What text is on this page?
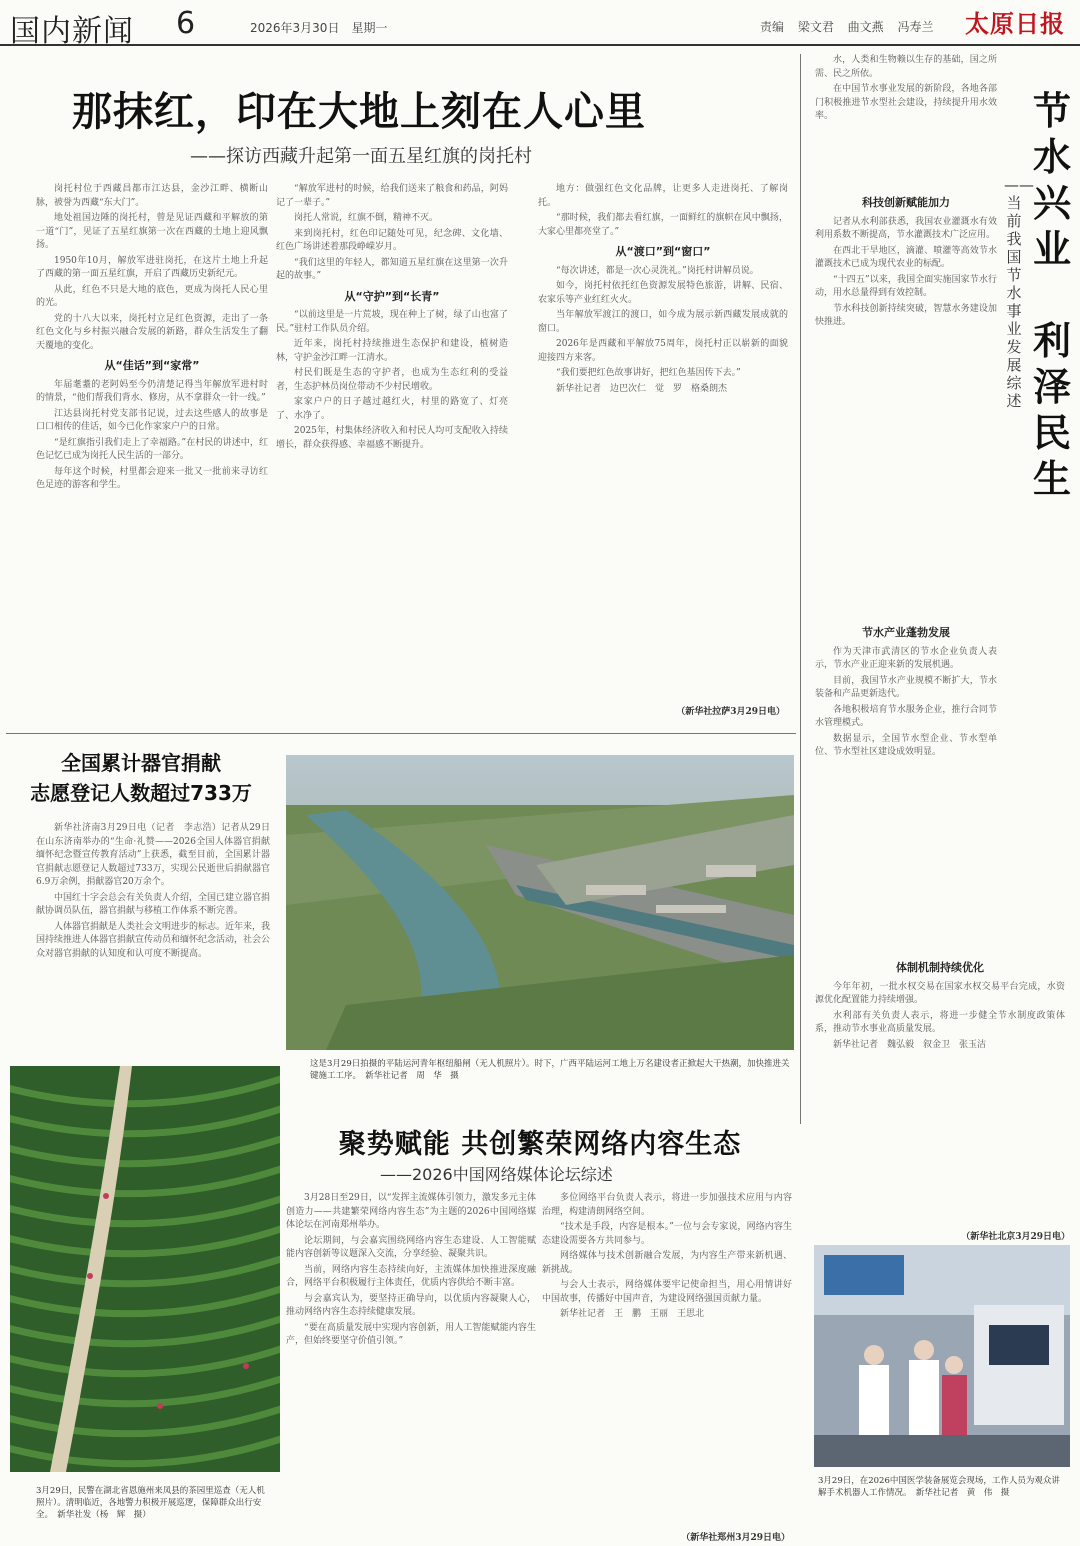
国内新闻 6	2026年3月30日　星期一	责编 梁文君 曲文燕 冯寿兰 太原日报
那抹红，印在大地上刻在人心里
——探访西藏升起第一面五星红旗的岗托村

岗托村位于西藏昌都市江达县，金沙江畔、横断山脉，被誉为西藏“东大门”。

地处祖国边陲的岗托村，曾是见证西藏和平解放的第一道“门”，见证了五星红旗第一次在西藏的土地上迎风飘扬。

1950年10月，解放军进驻岗托，在这片土地上升起了西藏的第一面五星红旗，开启了西藏历史新纪元。

从此，红色不只是大地的底色，更成为岗托人民心里的光。

党的十八大以来，岗托村立足红色资源，走出了一条红色文化与乡村振兴融合发展的新路，群众生活发生了翻天覆地的变化。

从“佳话”到“家常”

年届耄耋的老阿妈至今仍清楚记得当年解放军进村时的情景，“他们帮我们背水、修房，从不拿群众一针一线。”

江达县岗托村党支部书记说，过去这些感人的故事是口口相传的佳话，如今已化作家家户户的日常。

“是红旗指引我们走上了幸福路。”在村民的讲述中，红色记忆已成为岗托人民生活的一部分。

每年这个时候，村里都会迎来一批又一批前来寻访红色足迹的游客和学生。

“解放军进村的时候，给我们送来了粮食和药品，阿妈记了一辈子。”

岗托人常说，红旗不倒，精神不灭。

来到岗托村，红色印记随处可见，纪念碑、文化墙、红色广场讲述着那段峥嵘岁月。

“我们这里的年轻人，都知道五星红旗在这里第一次升起的故事。”

从“守护”到“长青”

“以前这里是一片荒坡，现在种上了树，绿了山也富了民。”驻村工作队员介绍。

近年来，岗托村持续推进生态保护和建设，植树造林，守护金沙江畔一江清水。

村民们既是生态的守护者，也成为生态红利的受益者，生态护林员岗位带动不少村民增收。

家家户户的日子越过越红火，村里的路宽了、灯亮了、水净了。

2025年，村集体经济收入和村民人均可支配收入持续增长，群众获得感、幸福感不断提升。

地方：做强红色文化品牌，让更多人走进岗托、了解岗托。

“那时候，我们都去看红旗，一面鲜红的旗帜在风中飘扬，大家心里都亮堂了。”

从“渡口”到“窗口”

“每次讲述，都是一次心灵洗礼。”岗托村讲解员说。

如今，岗托村依托红色资源发展特色旅游，讲解、民宿、农家乐等产业红红火火。

当年解放军渡江的渡口，如今成为展示新西藏发展成就的窗口。

2026年是西藏和平解放75周年，岗托村正以崭新的面貌迎接四方来客。

“我们要把红色故事讲好，把红色基因传下去。”

新华社记者　边巴次仁　觉　罗　格桑朗杰

（新华社拉萨3月29日电）
节
水
兴
业

利
泽
民
生
——
当
前
我
国
节
水
事
业
发
展
综
述

水，人类和生物赖以生存的基础，国之所需、民之所依。

在中国节水事业发展的新阶段，各地各部门积极推进节水型社会建设，持续提升用水效率。

科技创新赋能加力

记者从水利部获悉，我国农业灌溉水有效利用系数不断提高，节水灌溉技术广泛应用。

在西北干旱地区，滴灌、喷灌等高效节水灌溉技术已成为现代农业的标配。

“十四五”以来，我国全面实施国家节水行动，用水总量得到有效控制。

节水科技创新持续突破，智慧水务建设加快推进。

节水产业蓬勃发展

作为天津市武清区的节水企业负责人表示，节水产业正迎来新的发展机遇。

目前，我国节水产业规模不断扩大，节水装备和产品更新迭代。

各地积极培育节水服务企业，推行合同节水管理模式。

数据显示，全国节水型企业、节水型单位、节水型社区建设成效明显。

体制机制持续优化

今年年初，一批水权交易在国家水权交易平台完成，水资源优化配置能力持续增强。

水利部有关负责人表示，将进一步健全节水制度政策体系，推动节水事业高质量发展。

新华社记者　魏弘毅　叙金卫　张玉洁

（新华社北京3月29日电）
全国累计器官捐献
志愿登记人数超过733万

新华社济南3月29日电（记者　李志浩）记者从29日在山东济南举办的“生命·礼赞——2026全国人体器官捐献缅怀纪念暨宣传教育活动”上获悉，截至目前，全国累计器官捐献志愿登记人数超过733万，实现公民逝世后捐献器官6.9万余例，捐献器官20万余个。

中国红十字会总会有关负责人介绍，全国已建立器官捐献协调员队伍，器官捐献与移植工作体系不断完善。

人体器官捐献是人类社会文明进步的标志。近年来，我国持续推进人体器官捐献宣传动员和缅怀纪念活动，社会公众对器官捐献的认知度和认可度不断提高。

这是3月29日拍摄的平陆运河青年枢纽船闸（无人机照片）。时下，广西平陆运河工地上万名建设者正掀起大干热潮，加快推进关键施工工序。　新华社记者　周　华　摄
3月29日，民警在湖北省恩施州来凤县的茶园里巡查（无人机照片）。清明临近，各地警力积极开展巡逻，保障群众出行安全。　新华社发（杨　辉　摄）
聚势赋能 共创繁荣网络内容生态
——2026中国网络媒体论坛综述

3月28日至29日，以“发挥主流媒体引领力，激发多元主体创造力——共建繁荣网络内容生态”为主题的2026中国网络媒体论坛在河南郑州举办。

论坛期间，与会嘉宾围绕网络内容生态建设、人工智能赋能内容创新等议题深入交流，分享经验、凝聚共识。

当前，网络内容生态持续向好，主流媒体加快推进深度融合，网络平台积极履行主体责任，优质内容供给不断丰富。

与会嘉宾认为，要坚持正确导向，以优质内容凝聚人心，推动网络内容生态持续健康发展。

“要在高质量发展中实现内容创新，用人工智能赋能内容生产，但始终要坚守价值引领。”

多位网络平台负责人表示，将进一步加强技术应用与内容治理，构建清朗网络空间。

“技术是手段，内容是根本。”一位与会专家说，网络内容生态建设需要各方共同参与。

网络媒体与技术创新融合发展，为内容生产带来新机遇、新挑战。

与会人士表示，网络媒体要牢记使命担当，用心用情讲好中国故事，传播好中国声音，为建设网络强国贡献力量。

新华社记者　王　鹏　王丽　王思北

（新华社郑州3月29日电）
3月29日，在2026中国医学装备展览会现场，工作人员为观众讲解手术机器人工作情况。　新华社记者　黄　伟　摄
